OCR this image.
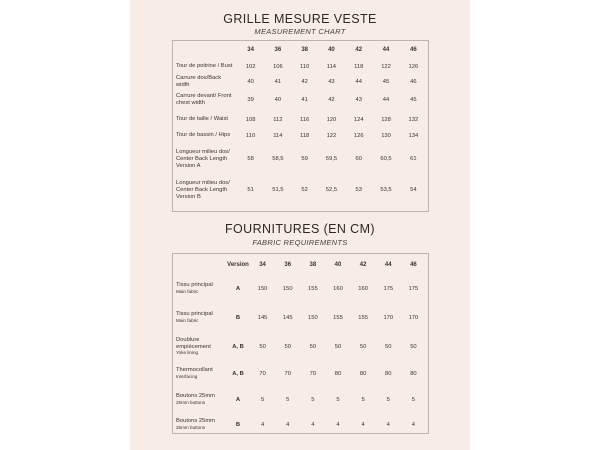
GRILLE MESURE VESTE
MEASUREMENT CHART
	34	36	38	40	42	44	46
Tour de poitrine / Bust	102	106	110	114	118	122	126
Carrure dos/Back width	40	41	42	43	44	45	46
Carrure devant/ Front chest width	39	40	41	42	43	44	45
Tour de taille / Waist	108	112	116	120	124	128	132
Tour de bassin / Hips	110	114	118	122	126	130	134
Longueur milieu dos/ Center Back Length Version A	58	58,5	59	59,5	60	60,5	61
Longueur milieu dos/ Center Back Length Version B	51	51,5	52	52,5	53	53,5	54
FOURNITURES (EN CM)
FABRIC REQUIREMENTS
	Version	34	36	38	40	42	44	46
Tissu principal
Main fabric	A	150	150	155	160	160	175	175
Tissu principal
Main fabric	B	145	145	150	155	155	170	170
Doublure empiècement
Yoke lining	A, B	50	50	50	50	50	50	50
Thermocollant
Interfacing	A, B	70	70	70	80	80	80	80
Boutons 25mm
25mm buttons	A	5	5	5	5	5	5	5
Boutons 25mm
25mm buttons	B	4	4	4	4	4	4	4
